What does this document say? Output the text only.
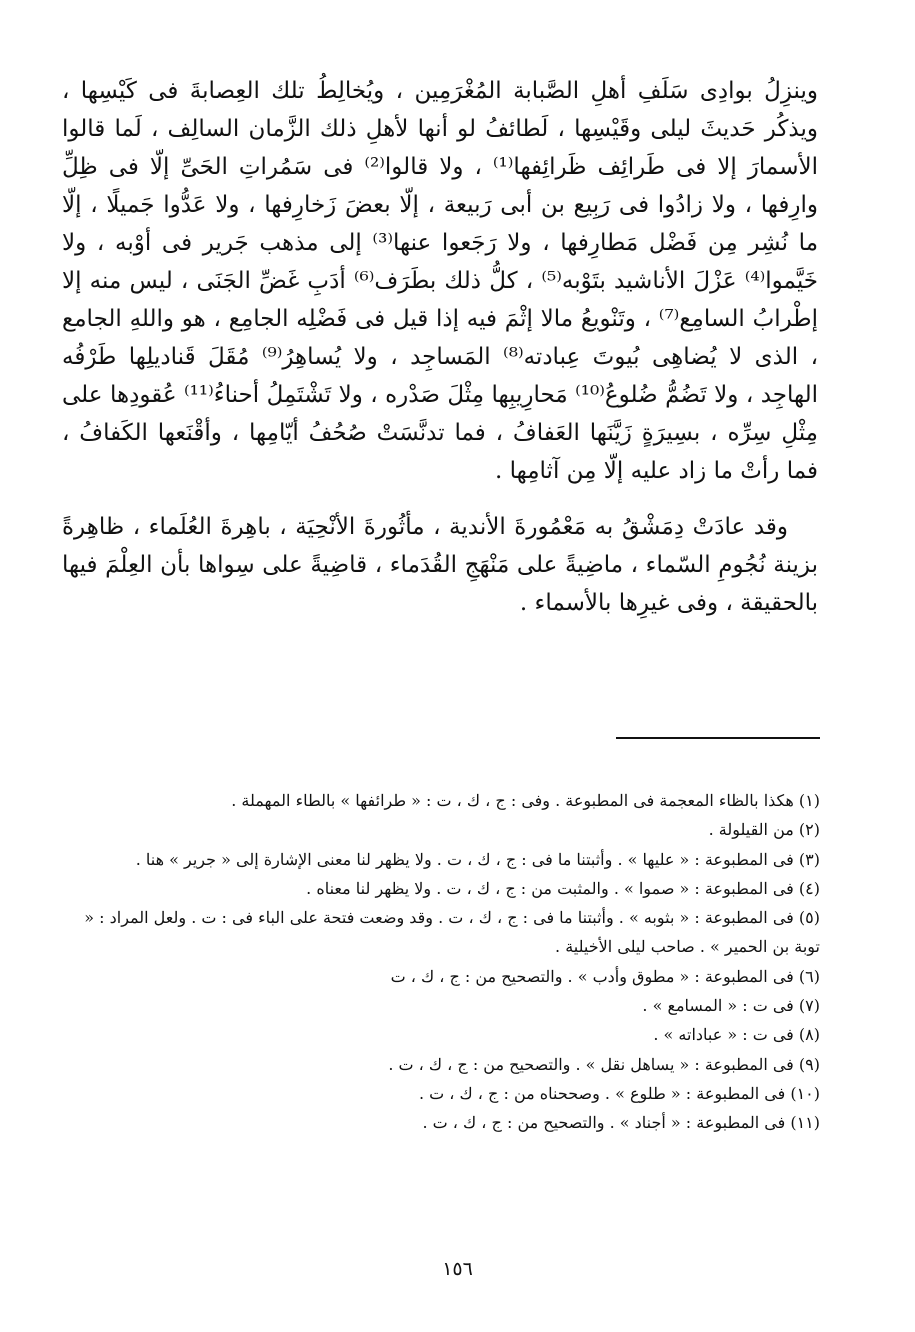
وينزِلُ بوادِى سَلَفِ أهلِ الصَّبابة المُغْرَمِين ، ويُخالِطُ تلك العِصابةَ فى كَيْسِها ، ويذكُر حَديثَ ليلى وقَيْسِها ، لَطائفُ لو أنها لأهلِ ذلك الزَّمان السالِف ، لَما قالوا الأسمارَ إلا فى طَرائِف ظَرائِفها⁽¹⁾ ، ولا قالوا⁽²⁾ فى سَمُراتِ الحَىِّ إلّا فى ظِلِّ وارِفها ، ولا زادُوا فى رَبِيع بن أبى رَبيعة ، إلّا بعضَ زَخارِفها ، ولا عَدُّوا جَميلًا ، إلّا ما نُشِر مِن فَضْل مَطارِفها ، ولا رَجَعوا عنها⁽³⁾ إلى مذهب جَرير فى أوْبه ، ولا خَيَّموا⁽⁴⁾ عَزْلَ الأناشيد بتَوْبه⁽⁵⁾ ، كلُّ ذلك بطَرَف⁽⁶⁾ أدَبِ غَضِّ الجَنَى ، ليس منه إلا إطْرابُ السامِع⁽⁷⁾ ، وتَنْويعُ مالا إثْمَ فيه إذا قيل فى فَضْلِه الجامِع ، هو واللهِ الجامع ، الذى لا يُضاهِى بُيوتَ عِبادته⁽⁸⁾ المَساجِد ، ولا يُساهِرُ⁽⁹⁾ مُقَلَ قَناديلِها طَرْفُه الهاجِد ، ولا تَضُمُّ ضُلوعُ⁽¹⁰⁾ مَحارِيبِها مِثْلَ صَدْره ، ولا تَشْتَمِلُ أحناءُ⁽¹¹⁾ عُقودِها على مِثْلِ سِرِّه ، بسِيرَةٍ زَيَّنَها العَفافُ ، فما تدنَّسَتْ صُحُفُ أيّامِها ، وأقْنَعها الكَفافُ ، فما رأتْ ما زاد عليه إلّا مِن آثامِها .

وقد عادَتْ دِمَشْقُ به مَعْمُورةَ الأندية ، مأثُورةَ الأنْحِيَة ، باهِرةَ العُلَماء ، ظاهِرةً بزينة نُجُومِ السّماء ، ماضِيةً على مَنْهَجِ القُدَماء ، قاضِيةً على سِواها بأن العِلْمَ فيها بالحقيقة ، وفى غيرِها بالأسماء .

(١) هكذا بالظاء المعجمة فى المطبوعة . وفى : ج ، ك ، ت : « طرائفها » بالطاء المهملة .

(٢) من القيلولة .

(٣) فى المطبوعة : « عليها » . وأثبتنا ما فى : ج ، ك ، ت . ولا يظهر لنا معنى الإشارة إلى « جرير » هنا .

(٤) فى المطبوعة : « صموا » . والمثبت من : ج ، ك ، ت . ولا يظهر لنا معناه .

(٥) فى المطبوعة : « بثوبه » . وأثبتنا ما فى : ج ، ك ، ت . وقد وضعت فتحة على الباء فى : ت . ولعل المراد : « توبة بن الحمير » . صاحب ليلى الأخيلية .

(٦) فى المطبوعة : « مطوق وأدب » . والتصحيح من : ج ، ك ، ت

(٧) فى ت : « المسامع » .

(٨) فى ت : « عباداته » .

(٩) فى المطبوعة : « يساهل نقل » . والتصحيح من : ج ، ك ، ت .

(١٠) فى المطبوعة : « طلوع » . وصححناه من : ج ، ك ، ت .

(١١) فى المطبوعة : « أجناد » . والتصحيح من : ج ، ك ، ت .

١٥٦
